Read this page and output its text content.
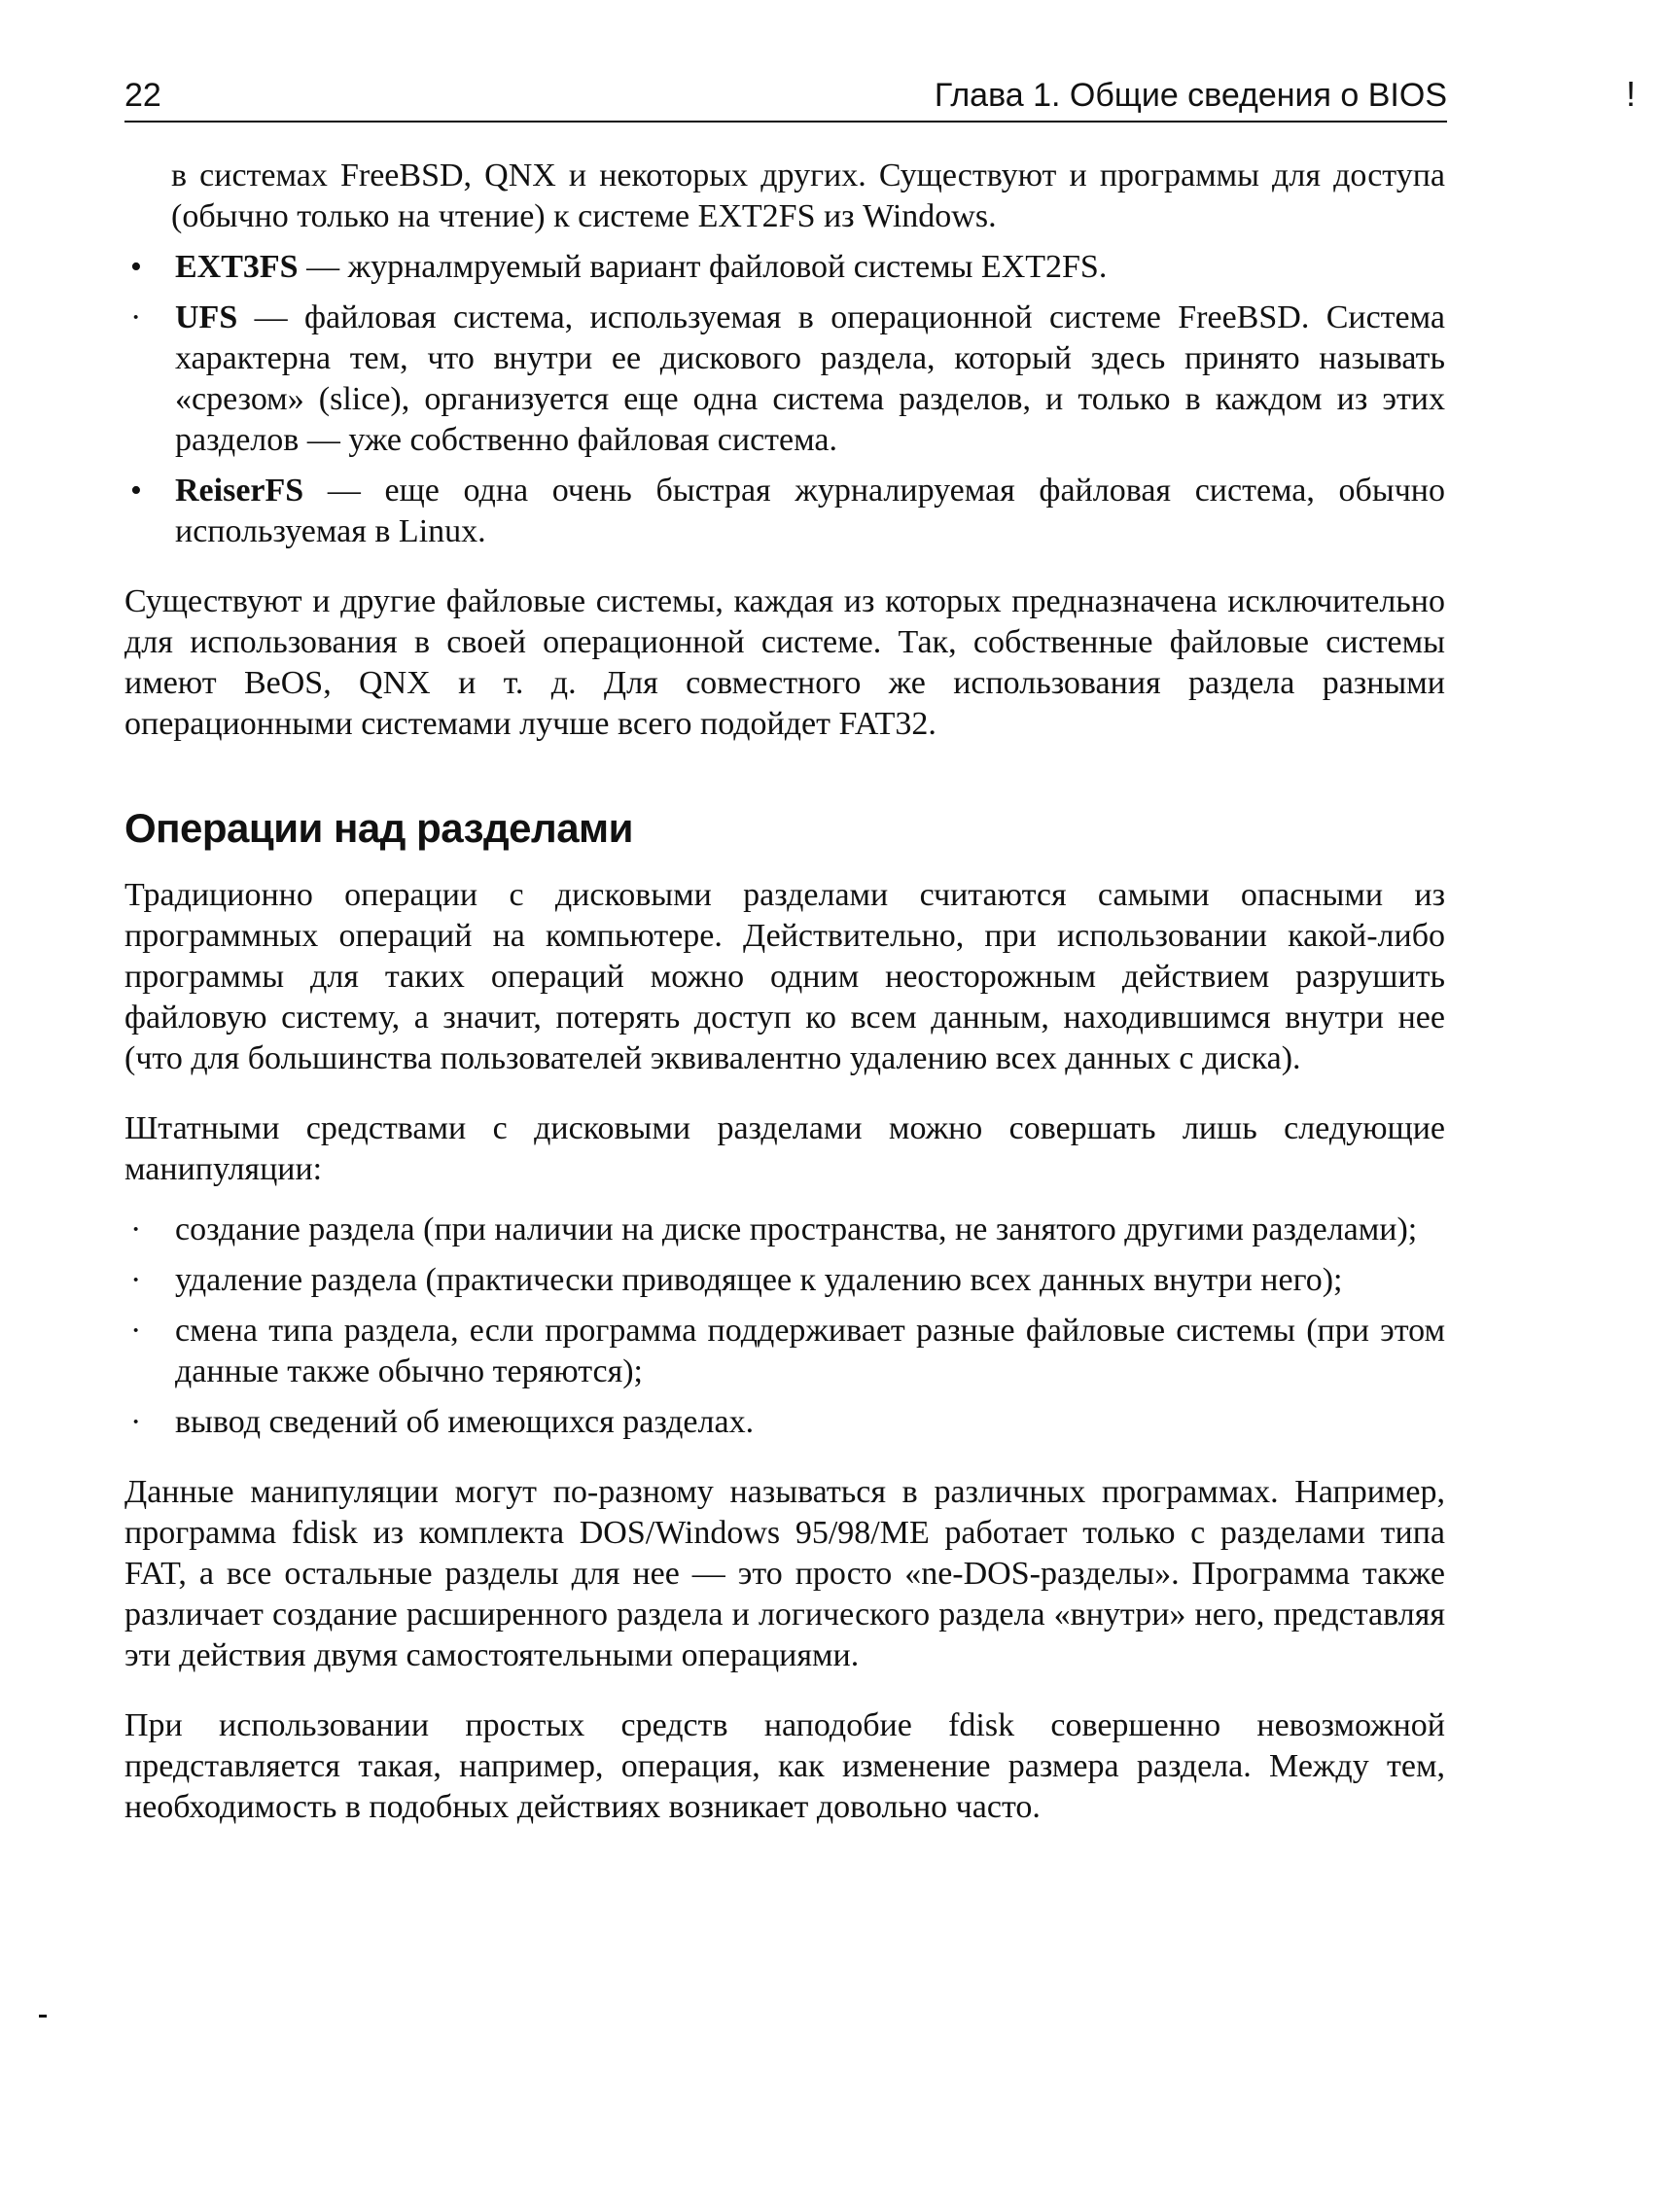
22	Глава 1. Общие сведения о BIOS	!

в системах FreeBSD, QNX и некоторых других. Существуют и программы для доступа (обычно только на чтение) к системе EXT2FS из Windows.

• EXT3FS — журналмруемый вариант файловой системы EXT2FS.
· UFS — файловая система, используемая в операционной системе FreeBSD. Система характерна тем, что внутри ее дискового раздела, который здесь принято называть «срезом» (slice), организуется еще одна система разделов, и только в каждом из этих разделов — уже собственно файловая система.
• ReiserFS — еще одна очень быстрая журналируемая файловая система, обычно используемая в Linux.

Существуют и другие файловые системы, каждая из которых предназначена исключительно для использования в своей операционной системе. Так, собственные файловые системы имеют BeOS, QNX и т. д. Для совместного же использования раздела разными операционными системами лучше всего подойдет FAT32.

Операции над разделами

Традиционно операции с дисковыми разделами считаются самыми опасными из программных операций на компьютере. Действительно, при использовании какой-либо программы для таких операций можно одним неосторожным действием разрушить файловую систему, а значит, потерять доступ ко всем данным, находившимся внутри нее (что для большинства пользователей эквивалентно удалению всех данных с диска).

Штатными средствами с дисковыми разделами можно совершать лишь следующие манипуляции:

· создание раздела (при наличии на диске пространства, не занятого другими разделами);
· удаление раздела (практически приводящее к удалению всех данных внутри него);
· смена типа раздела, если программа поддерживает разные файловые системы (при этом данные также обычно теряются);
· вывод сведений об имеющихся разделах.

Данные манипуляции могут по-разному называться в различных программах. Например, программа fdisk из комплекта DOS/Windows 95/98/ME работает только с разделами типа FAT, а все остальные разделы для нее — это просто «ne-DOS-разделы». Программа также различает создание расширенного раздела и логического раздела «внутри» него, представляя эти действия двумя самостоятельными операциями.

При использовании простых средств наподобие fdisk совершенно невозможной представляется такая, например, операция, как изменение размера раздела. Между тем, необходимость в подобных действиях возникает довольно часто.
